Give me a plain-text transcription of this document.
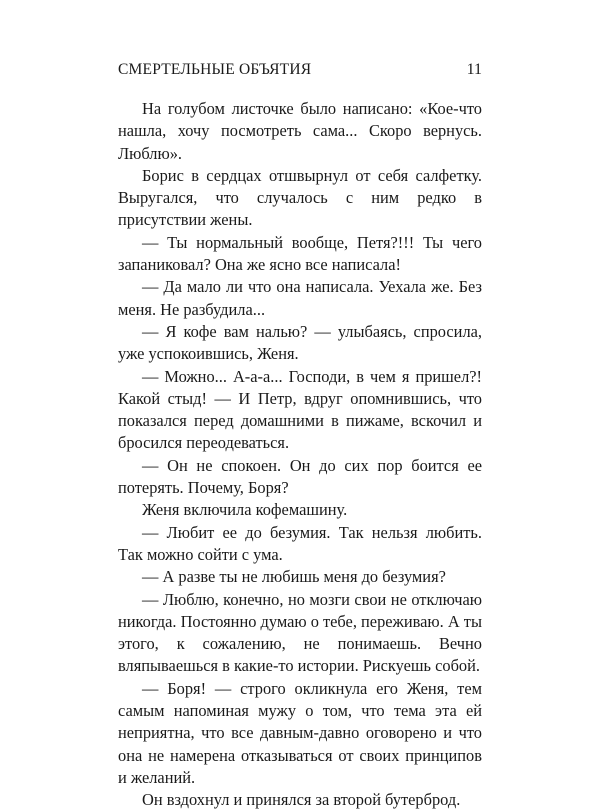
СМЕРТЕЛЬНЫЕ ОБЪЯТИЯ	11

На голубом листочке было написано: «Кое-что нашла, хочу посмотреть сама... Скоро вернусь. Люблю».

Борис в сердцах отшвырнул от себя салфетку. Выругался, что случалось с ним редко в присутствии жены.

— Ты нормальный вообще, Петя?!!! Ты чего запаниковал? Она же ясно все написала!

— Да мало ли что она написала. Уехала же. Без меня. Не разбудила...

— Я кофе вам налью? — улыбаясь, спросила, уже успокоившись, Женя.

— Можно... А-а-а... Господи, в чем я пришел?! Какой стыд! — И Петр, вдруг опомнившись, что показался перед домашними в пижаме, вскочил и бросился переодеваться.

— Он не спокоен. Он до сих пор боится ее потерять. Почему, Боря?

Женя включила кофемашину.

— Любит ее до безумия. Так нельзя любить. Так можно сойти с ума.

— А разве ты не любишь меня до безумия?

— Люблю, конечно, но мозги свои не отключаю никогда. Постоянно думаю о тебе, переживаю. А ты этого, к сожалению, не понимаешь. Вечно вляпываешься в какие-то истории. Рискуешь собой.

— Боря! — строго окликнула его Женя, тем самым напоминая мужу о том, что тема эта ей неприятна, что все давным-давно оговорено и что она не намерена отказываться от своих принципов и желаний.

Он вздохнул и принялся за второй бутерброд.
